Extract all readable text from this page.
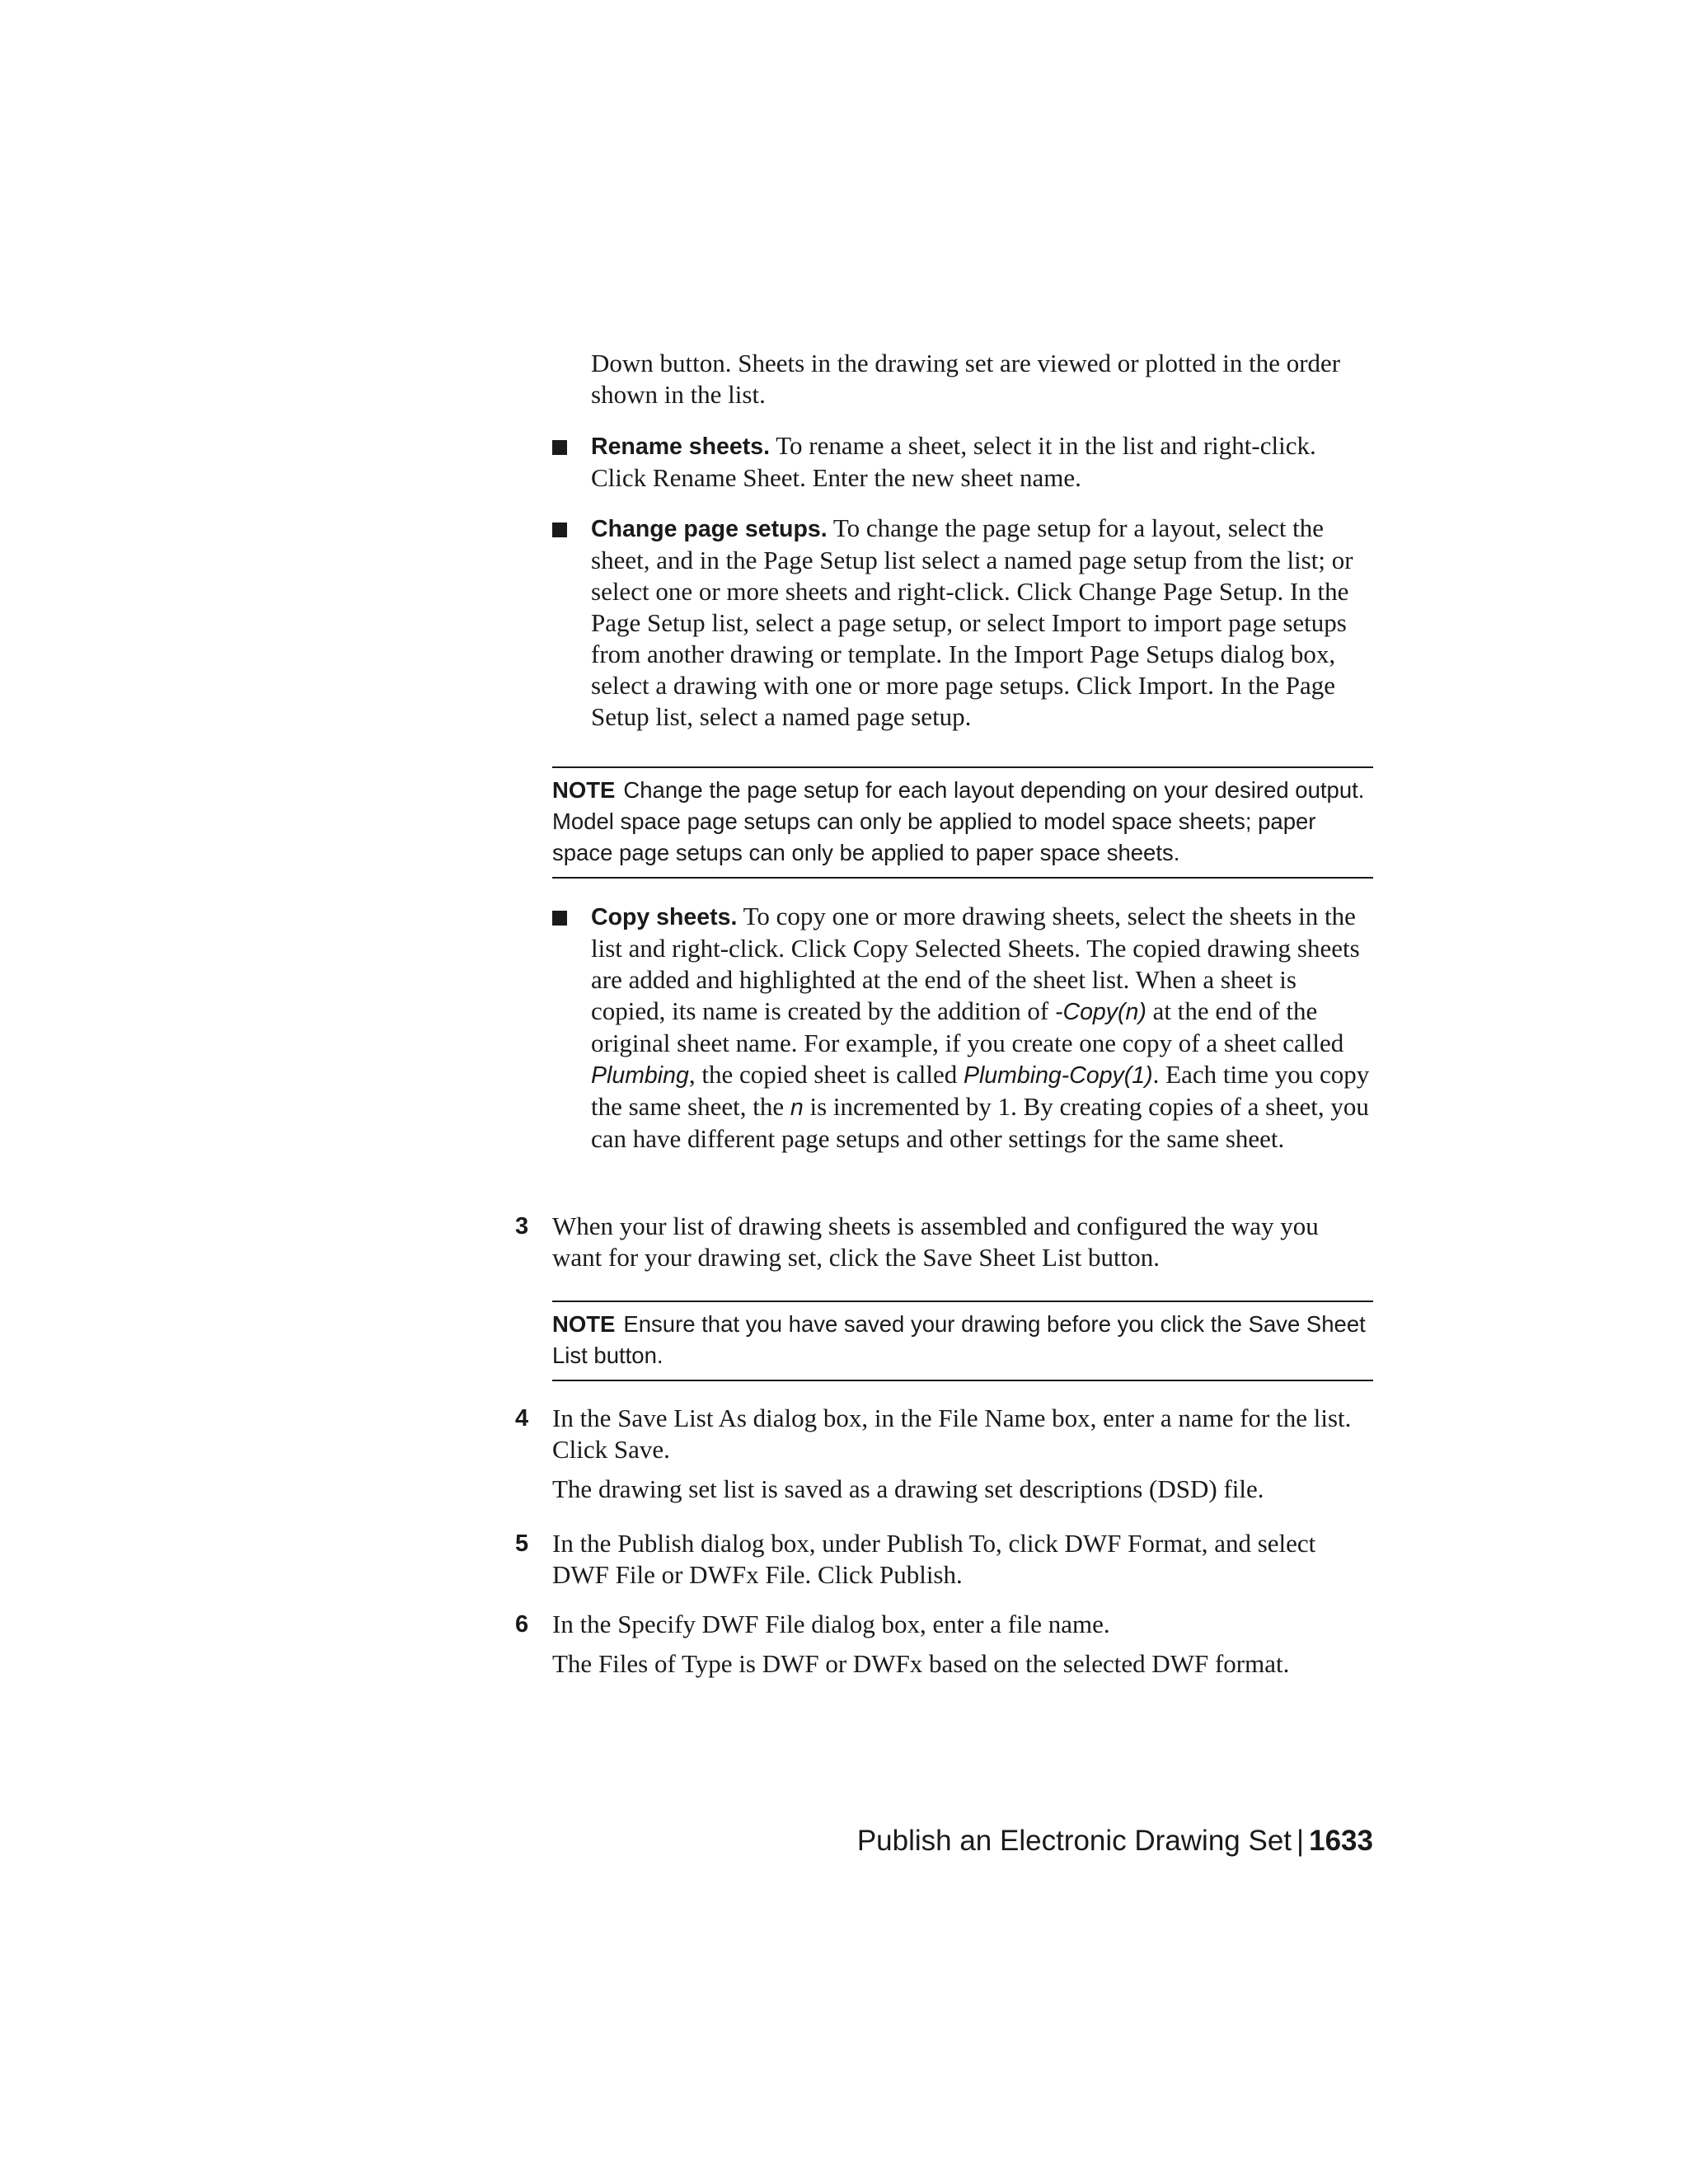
Down button. Sheets in the drawing set are viewed or plotted in the order shown in the list.

Rename sheets. To rename a sheet, select it in the list and right-click. Click Rename Sheet. Enter the new sheet name.

Change page setups. To change the page setup for a layout, select the sheet, and in the Page Setup list select a named page setup from the list; or select one or more sheets and right-click. Click Change Page Setup. In the Page Setup list, select a page setup, or select Import to import page setups from another drawing or template. In the Import Page Setups dialog box, select a drawing with one or more page setups. Click Import. In the Page Setup list, select a named page setup.

NOTE Change the page setup for each layout depending on your desired output. Model space page setups can only be applied to model space sheets; paper space page setups can only be applied to paper space sheets.

Copy sheets. To copy one or more drawing sheets, select the sheets in the list and right-click. Click Copy Selected Sheets. The copied drawing sheets are added and highlighted at the end of the sheet list. When a sheet is copied, its name is created by the addition of -Copy(n) at the end of the original sheet name. For example, if you create one copy of a sheet called Plumbing, the copied sheet is called Plumbing-Copy(1). Each time you copy the same sheet, the n is incremented by 1. By creating copies of a sheet, you can have different page setups and other settings for the same sheet.

3 When your list of drawing sheets is assembled and configured the way you want for your drawing set, click the Save Sheet List button.

NOTE Ensure that you have saved your drawing before you click the Save Sheet List button.

4 In the Save List As dialog box, in the File Name box, enter a name for the list. Click Save.

The drawing set list is saved as a drawing set descriptions (DSD) file.

5 In the Publish dialog box, under Publish To, click DWF Format, and select DWF File or DWFx File. Click Publish.

6 In the Specify DWF File dialog box, enter a file name.

The Files of Type is DWF or DWFx based on the selected DWF format.

Publish an Electronic Drawing Set | 1633
